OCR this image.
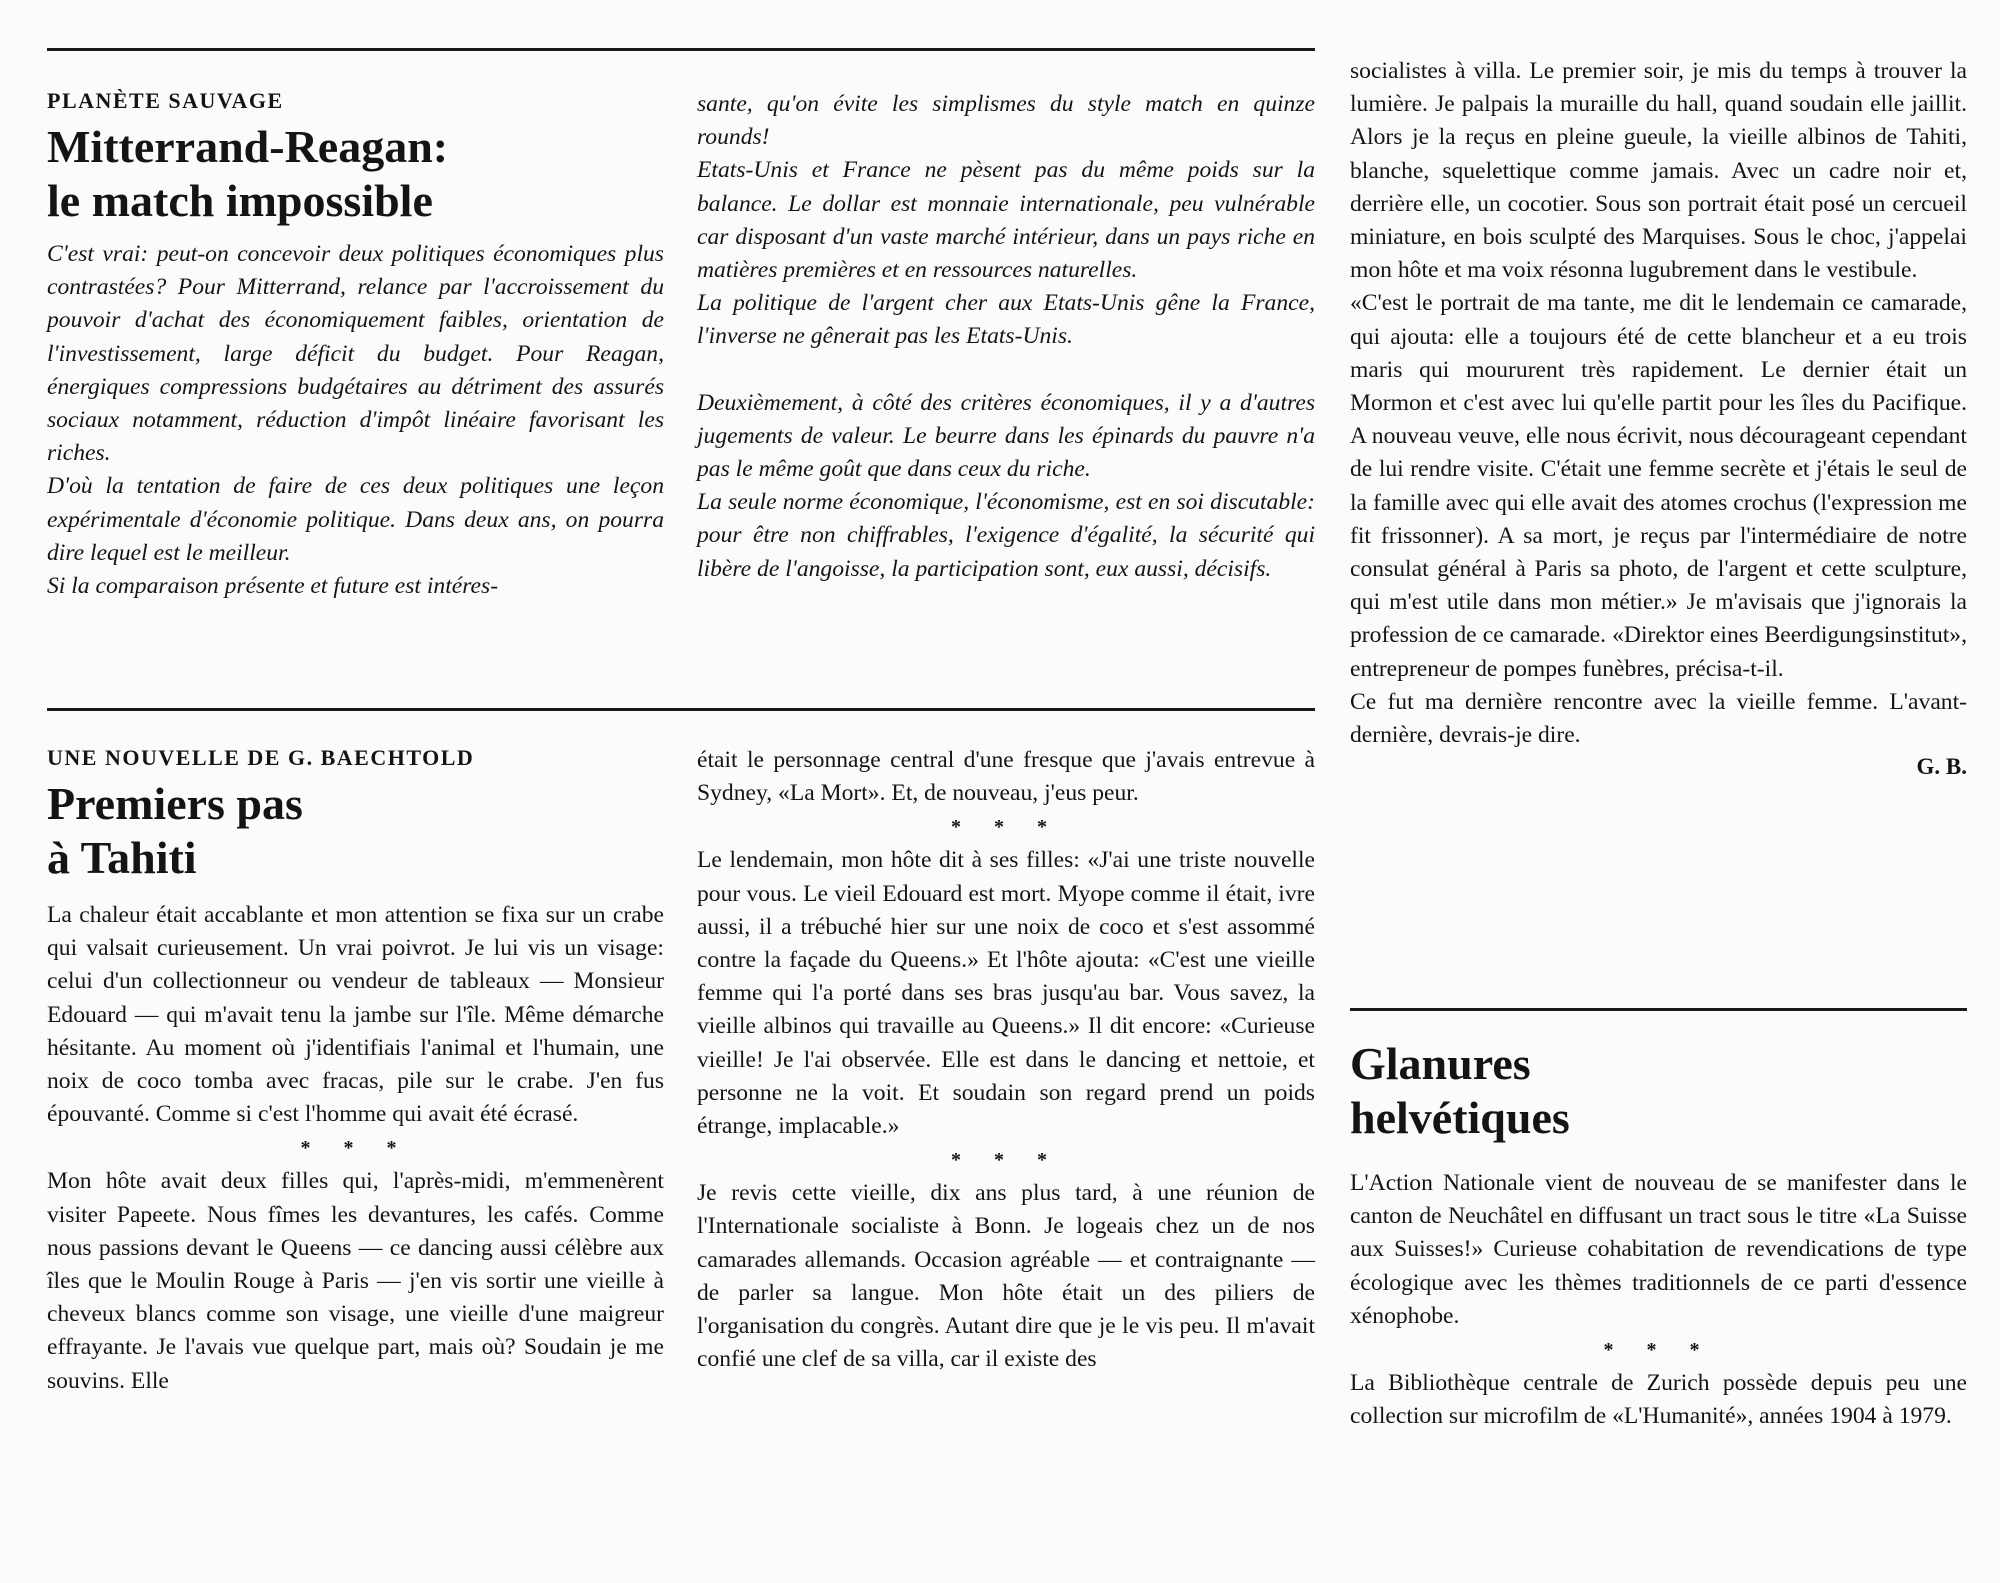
PLANÈTE SAUVAGE
Mitterrand-Reagan:
le match impossible

C'est vrai: peut-on concevoir deux politiques économiques plus contrastées? Pour Mitterrand, relance par l'accroissement du pouvoir d'achat des économiquement faibles, orientation de l'investissement, large déficit du budget. Pour Reagan, énergiques compressions budgétaires au détriment des assurés sociaux notamment, réduction d'impôt linéaire favorisant les riches.

D'où la tentation de faire de ces deux politiques une leçon expérimentale d'économie politique. Dans deux ans, on pourra dire lequel est le meilleur.

Si la comparaison présente et future est intéres-

sante, qu'on évite les simplismes du style match en quinze rounds!

Etats-Unis et France ne pèsent pas du même poids sur la balance. Le dollar est monnaie internationale, peu vulnérable car disposant d'un vaste marché intérieur, dans un pays riche en matières premières et en ressources naturelles.

La politique de l'argent cher aux Etats-Unis gêne la France, l'inverse ne gênerait pas les Etats-Unis.

Deuxièmement, à côté des critères économiques, il y a d'autres jugements de valeur. Le beurre dans les épinards du pauvre n'a pas le même goût que dans ceux du riche.

La seule norme économique, l'économisme, est en soi discutable: pour être non chiffrables, l'exigence d'égalité, la sécurité qui libère de l'angoisse, la participation sont, eux aussi, décisifs.

UNE NOUVELLE DE G. BAECHTOLD
Premiers pas
à Tahiti

La chaleur était accablante et mon attention se fixa sur un crabe qui valsait curieusement. Un vrai poivrot. Je lui vis un visage: celui d'un collectionneur ou vendeur de tableaux — Monsieur Edouard — qui m'avait tenu la jambe sur l'île. Même démarche hésitante. Au moment où j'identifiais l'animal et l'humain, une noix de coco tomba avec fracas, pile sur le crabe. J'en fus épouvanté. Comme si c'est l'homme qui avait été écrasé.

* * *

Mon hôte avait deux filles qui, l'après-midi, m'emmenèrent visiter Papeete. Nous fîmes les devantures, les cafés. Comme nous passions devant le Queens — ce dancing aussi célèbre aux îles que le Moulin Rouge à Paris — j'en vis sortir une vieille à cheveux blancs comme son visage, une vieille d'une maigreur effrayante. Je l'avais vue quelque part, mais où? Soudain je me souvins. Elle

était le personnage central d'une fresque que j'avais entrevue à Sydney, «La Mort». Et, de nouveau, j'eus peur.

* * *

Le lendemain, mon hôte dit à ses filles: «J'ai une triste nouvelle pour vous. Le vieil Edouard est mort. Myope comme il était, ivre aussi, il a trébuché hier sur une noix de coco et s'est assommé contre la façade du Queens.» Et l'hôte ajouta: «C'est une vieille femme qui l'a porté dans ses bras jusqu'au bar. Vous savez, la vieille albinos qui travaille au Queens.» Il dit encore: «Curieuse vieille! Je l'ai observée. Elle est dans le dancing et nettoie, et personne ne la voit. Et soudain son regard prend un poids étrange, implacable.»

* * *

Je revis cette vieille, dix ans plus tard, à une réunion de l'Internationale socialiste à Bonn. Je logeais chez un de nos camarades allemands. Occasion agréable — et contraignante — de parler sa langue. Mon hôte était un des piliers de l'organisation du congrès. Autant dire que je le vis peu. Il m'avait confié une clef de sa villa, car il existe des

socialistes à villa. Le premier soir, je mis du temps à trouver la lumière. Je palpais la muraille du hall, quand soudain elle jaillit. Alors je la reçus en pleine gueule, la vieille albinos de Tahiti, blanche, squelettique comme jamais. Avec un cadre noir et, derrière elle, un cocotier. Sous son portrait était posé un cercueil miniature, en bois sculpté des Marquises. Sous le choc, j'appelai mon hôte et ma voix résonna lugubrement dans le vestibule.

«C'est le portrait de ma tante, me dit le lendemain ce camarade, qui ajouta: elle a toujours été de cette blancheur et a eu trois maris qui moururent très rapidement. Le dernier était un Mormon et c'est avec lui qu'elle partit pour les îles du Pacifique. A nouveau veuve, elle nous écrivit, nous décourageant cependant de lui rendre visite. C'était une femme secrète et j'étais le seul de la famille avec qui elle avait des atomes crochus (l'expression me fit frissonner). A sa mort, je reçus par l'intermédiaire de notre consulat général à Paris sa photo, de l'argent et cette sculpture, qui m'est utile dans mon métier.» Je m'avisais que j'ignorais la profession de ce camarade. «Direktor eines Beerdigungsinstitut», entrepreneur de pompes funèbres, précisa-t-il.

Ce fut ma dernière rencontre avec la vieille femme. L'avant-dernière, devrais-je dire.

G. B.
Glanures
helvétiques

L'Action Nationale vient de nouveau de se manifester dans le canton de Neuchâtel en diffusant un tract sous le titre «La Suisse aux Suisses!» Curieuse cohabitation de revendications de type écologique avec les thèmes traditionnels de ce parti d'essence xénophobe.

* * *

La Bibliothèque centrale de Zurich possède depuis peu une collection sur microfilm de «L'Humanité», années 1904 à 1979.
